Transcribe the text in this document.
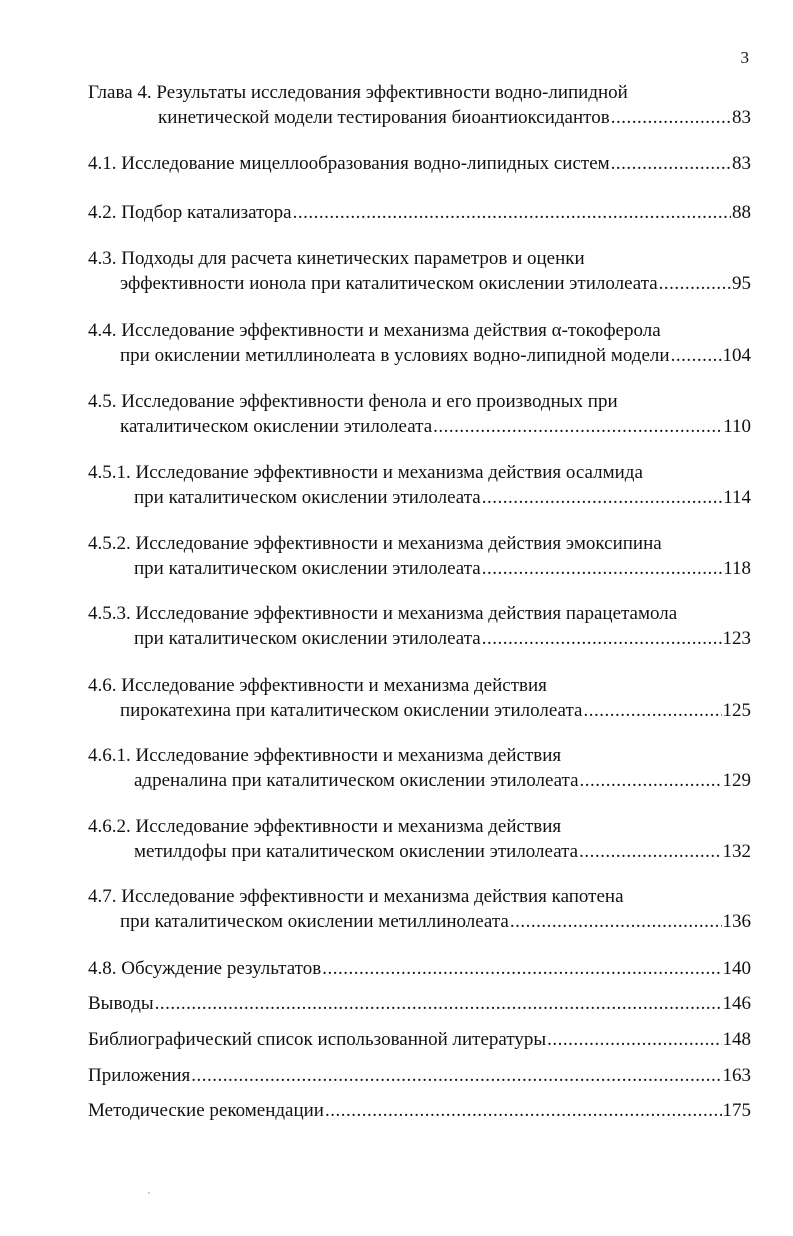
3
Глава 4. Результаты исследования эффективности водно-липидной
кинетической модели тестирования биоантиоксидантов .....	83
4.1. Исследование мицеллообразования водно-липидных систем .....	83
4.2. Подбор катализатора .....	88
4.3. Подходы для расчета кинетических параметров и оценки
эффективности ионола при каталитическом окислении этилолеата .....	95
4.4. Исследование эффективности и механизма действия α-токоферола
при окислении метиллинолеата в условиях водно-липидной модели .....	104
4.5. Исследование эффективности фенола и его производных при
каталитическом окислении этилолеата .....	110
4.5.1. Исследование эффективности и механизма действия осалмида
при каталитическом окислении этилолеата .....	114
4.5.2. Исследование эффективности и механизма действия эмоксипина
при каталитическом окислении этилолеата .....	118
4.5.3. Исследование эффективности и механизма действия парацетамола
при каталитическом окислении этилолеата .....	123
4.6. Исследование эффективности и механизма действия
пирокатехина при каталитическом окислении этилолеата .....	125
4.6.1. Исследование эффективности и механизма действия
адреналина при каталитическом окислении этилолеата .....	129
4.6.2. Исследование эффективности и механизма действия
метилдофы при каталитическом окислении этилолеата .....	132
4.7. Исследование эффективности и механизма действия капотена
при каталитическом окислении метиллинолеата .....	136
4.8. Обсуждение результатов .....	140
Выводы .....	146
Библиографический список использованной литературы .....	148
Приложения .....	163
Методические рекомендации .....	175
